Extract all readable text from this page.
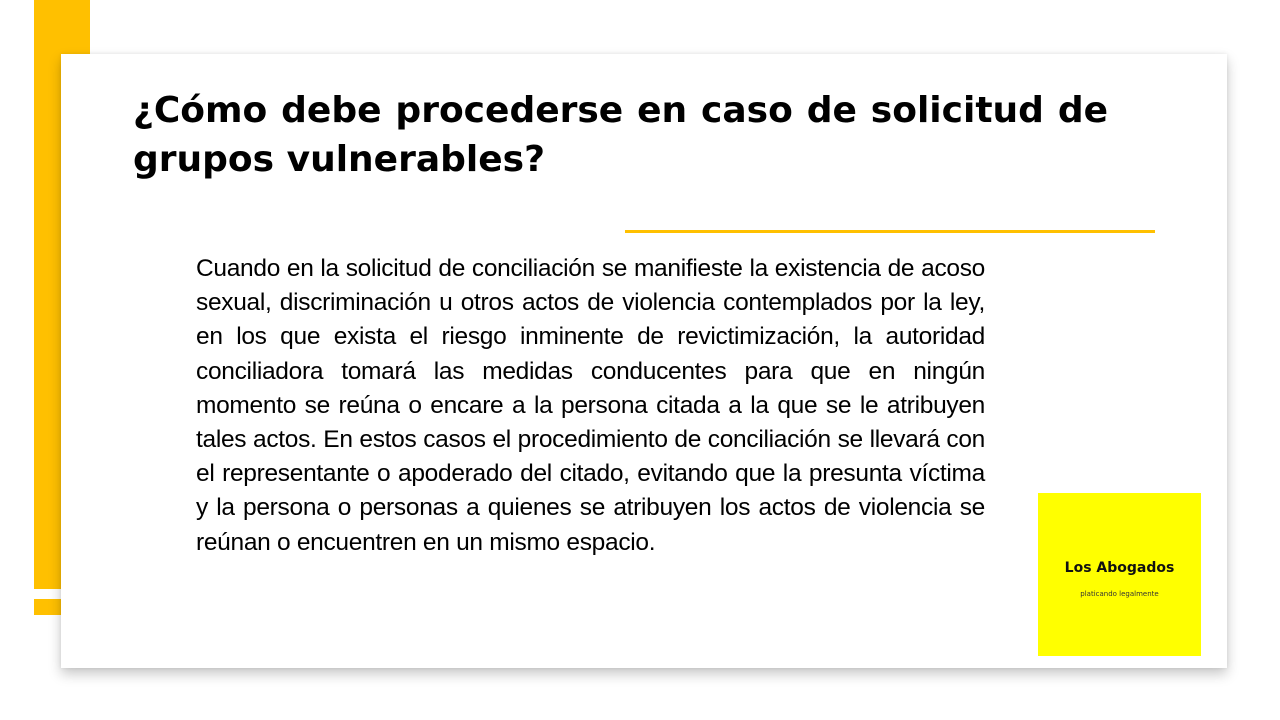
¿Cómo debe procederse en caso de solicitud de grupos vulnerables?

Cuando en la solicitud de conciliación se manifieste la existencia de acoso sexual, discriminación u otros actos de violencia contemplados por la ley, en los que exista el riesgo inminente de revictimización, la autoridad conciliadora tomará las medidas conducentes para que en ningún momento se reúna o encare a la persona citada a la que se le atribuyen tales actos. En estos casos el procedimiento de conciliación se llevará con el representante o apoderado del citado, evitando que la presunta víctima y la persona o personas a quienes se atribuyen los actos de violencia se reúnan o encuentren en un mismo espacio.

Los Abogados

platicando legalmente
